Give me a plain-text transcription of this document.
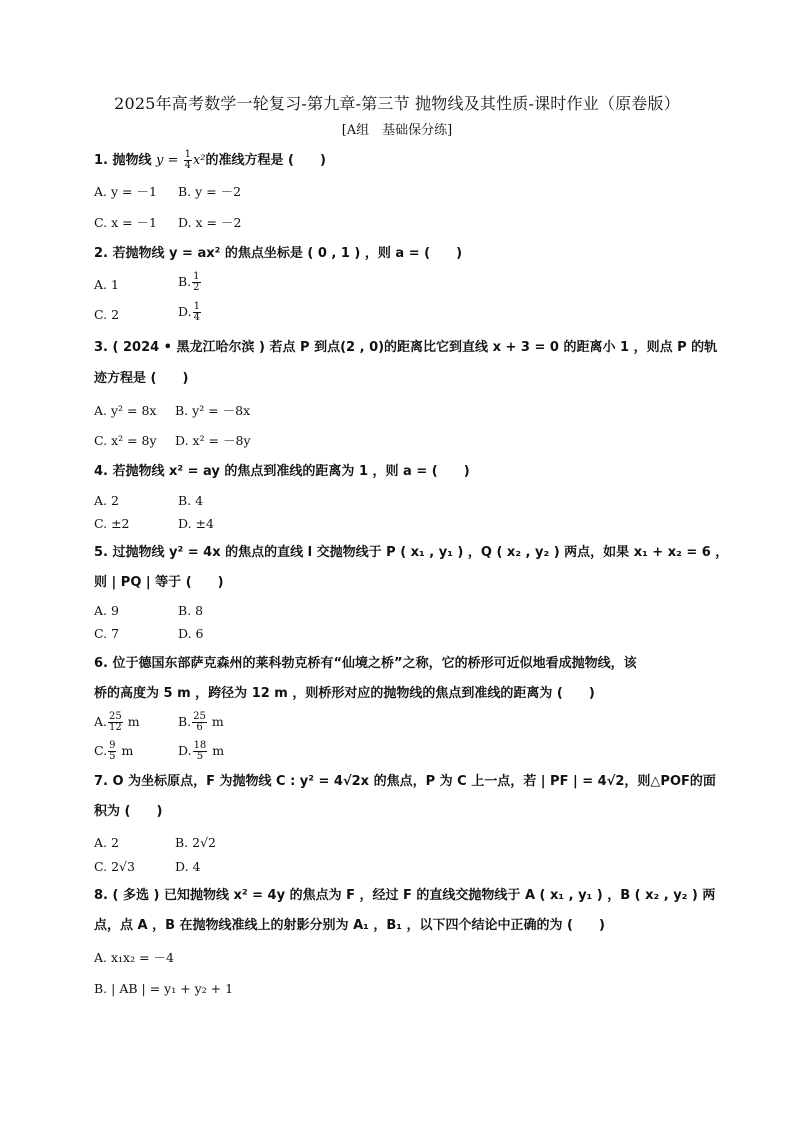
2025年高考数学一轮复习-第九章-第三节 抛物线及其性质-课时作业（原卷版）
[A组　基础保分练]
1. 抛物线 $y = \frac{1}{4} x^2$的准线方程是 (　　)
A. y = －1 B. y = －2
C. x = －1 D. x = －2
2. 若抛物线 y = ax² 的焦点坐标是 ( 0 , 1 ) ，则 a = (　　)
A. 1	B. $\frac{1}{2}$
C. 2	D. $\frac{1}{4}$
3. ( 2024 • 黑龙江哈尔滨 ) 若点 P 到点(2 , 0)的距离比它到直线 x + 3 = 0 的距离小 1 ，则点 P 的轨
迹方程是 (　　)
A. y² = 8x B. y² = －8x
C. x² = 8y D. x² = －8y
4. 若抛物线 x² = ay 的焦点到准线的距离为 1 ，则 a = (　　)
A. 2	B. 4
C. ±2	D. ±4
5. 过抛物线 y² = 4x 的焦点的直线 l 交抛物线于 P ( x₁ , y₁ ) ，Q ( x₂ , y₂ ) 两点，如果 x₁ + x₂ = 6 ，
则 | PQ | 等于 (　　)
A. 9	B. 8
C. 7	D. 6
6. 位于德国东部萨克森州的莱科勃克桥有“仙境之桥”之称，它的桥形可近似地看成抛物线，该
桥的高度为 5 m ，跨径为 12 m ，则桥形对应的抛物线的焦点到准线的距离为 (　　)
A. $\frac{25}{12}$ m	B. $\frac{25}{6}$ m
C. $\frac{9}{5}$ m	D. $\frac{18}{5}$ m
7. O 为坐标原点，F 为抛物线 C : y² = 4√2x 的焦点，P 为 C 上一点，若 | PF | = 4√2，则△POF的面
积为 (　　)
A. 2	B. 2√2
C. 2√3	D. 4
8. ( 多选 ) 已知抛物线 x² = 4y 的焦点为 F ，经过 F 的直线交抛物线于 A ( x₁ , y₁ ) ，B ( x₂ , y₂ ) 两
点，点 A ，B 在抛物线准线上的射影分别为 A₁ ，B₁ ，以下四个结论中正确的为 (　　)
A. x₁x₂ = －4
B. | AB | = y₁ + y₂ + 1
